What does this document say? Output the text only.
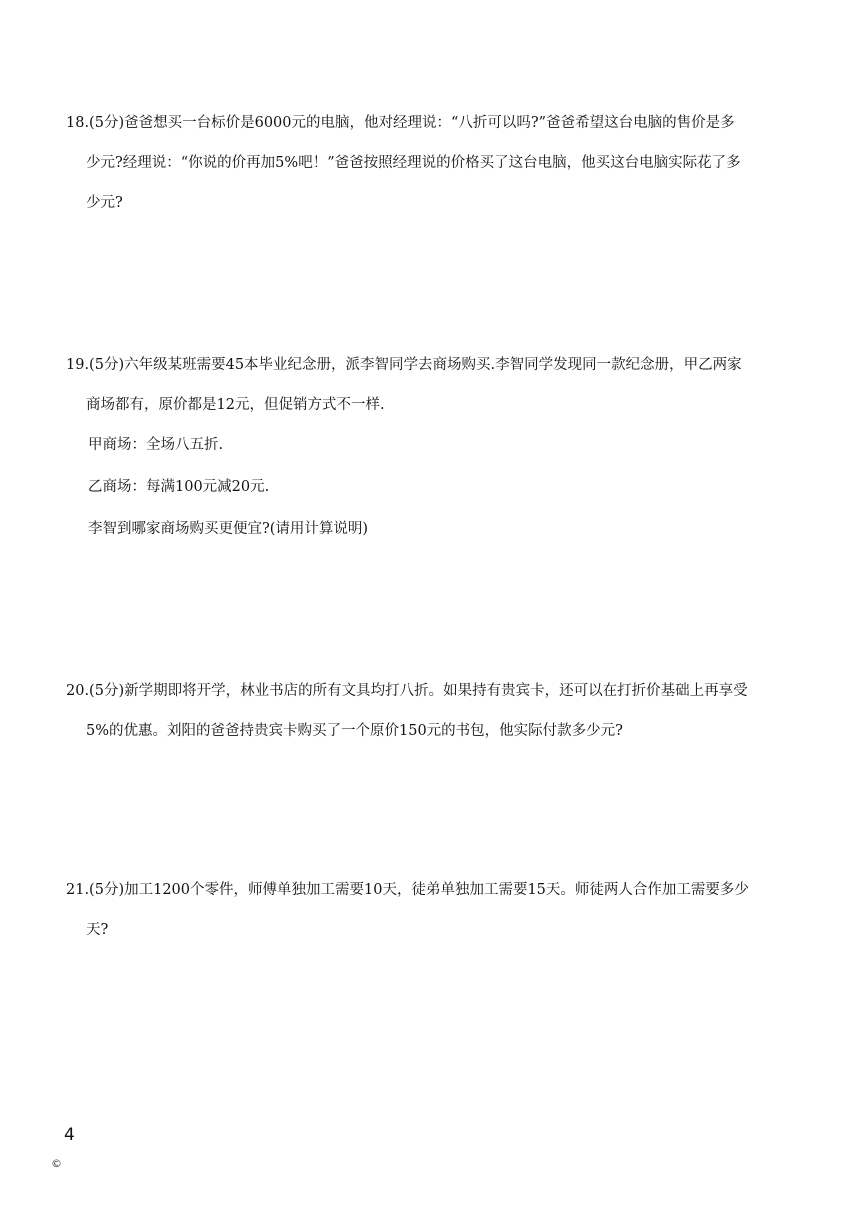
18.(5分)爸爸想买一台标价是6000元的电脑，他对经理说：“八折可以吗?”爸爸希望这台电脑的售价是多
少元?经理说：“你说的价再加5%吧！”爸爸按照经理说的价格买了这台电脑，他买这台电脑实际花了多
少元?
19.(5分)六年级某班需要45本毕业纪念册，派李智同学去商场购买.李智同学发现同一款纪念册，甲乙两家
商场都有，原价都是12元，但促销方式不一样.
甲商场：全场八五折.
乙商场：每满100元减20元.
李智到哪家商场购买更便宜?(请用计算说明)
20.(5分)新学期即将开学，林业书店的所有文具均打八折。如果持有贵宾卡，还可以在打折价基础上再享受
5%的优惠。刘阳的爸爸持贵宾卡购买了一个原价150元的书包，他实际付款多少元?
21.(5分)加工1200个零件，师傅单独加工需要10天，徒弟单独加工需要15天。师徒两人合作加工需要多少
天?
4
©
